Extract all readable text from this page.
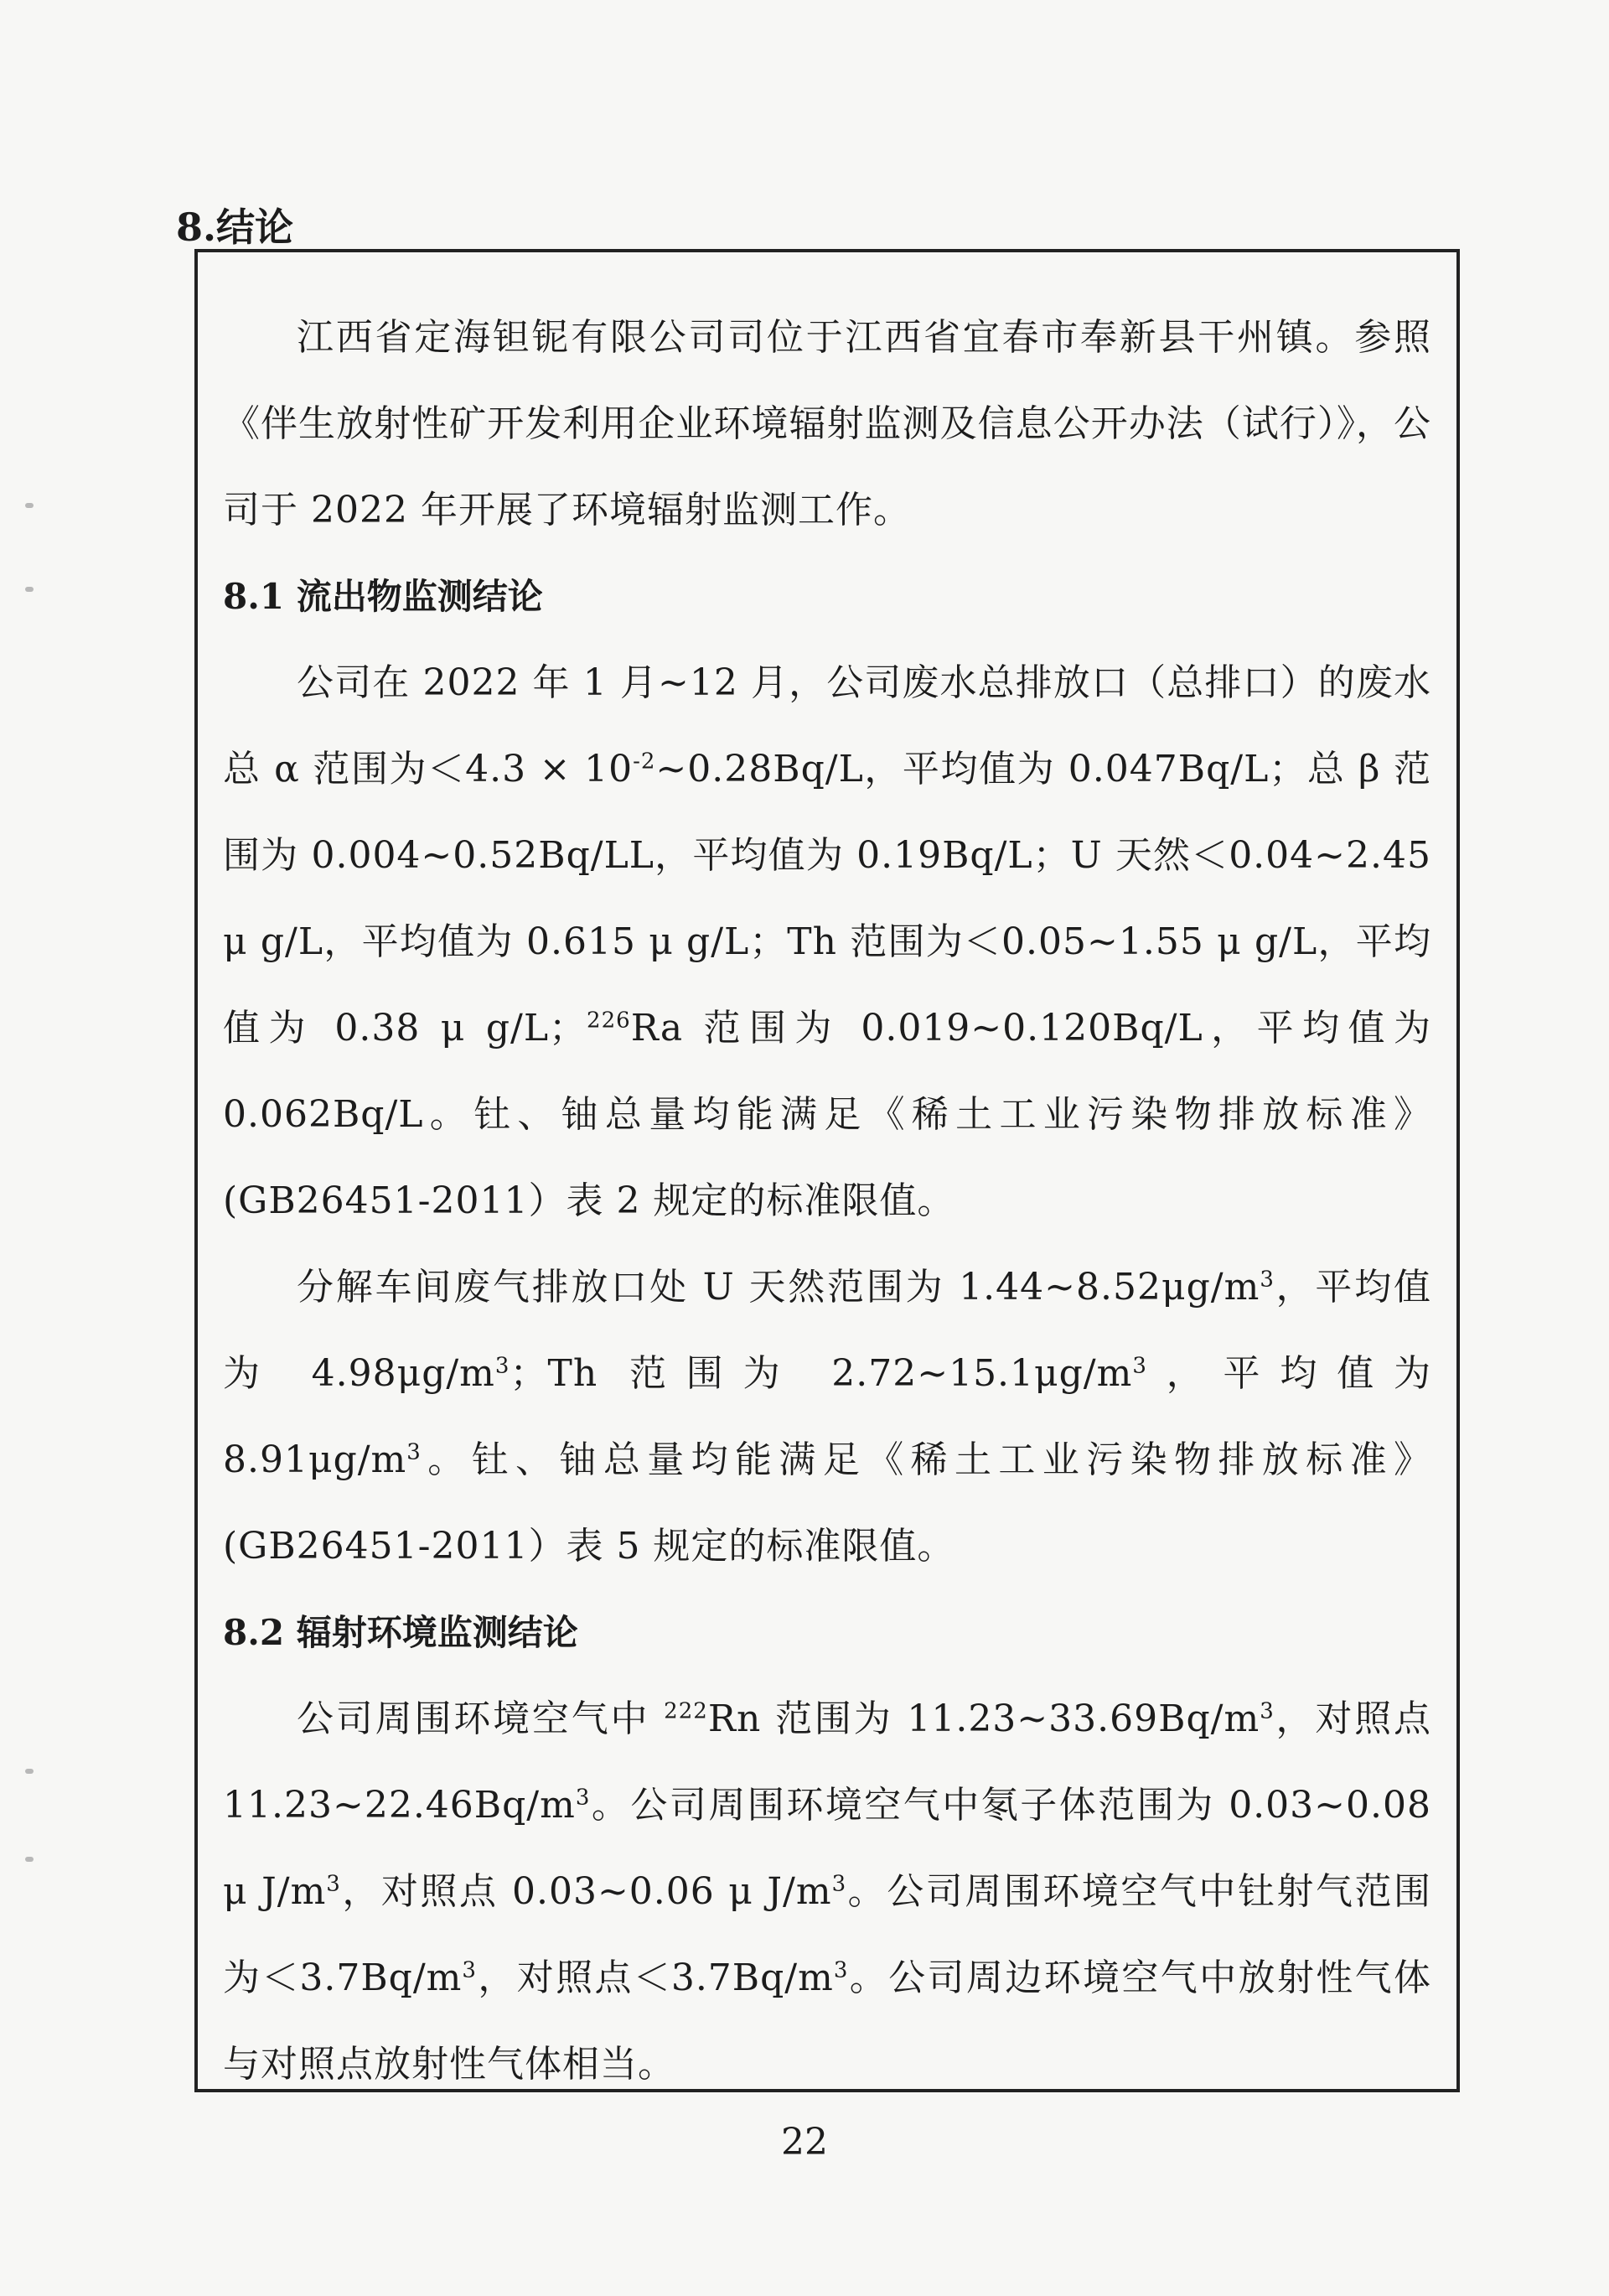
8.结论

江西省定海钽铌有限公司司位于江西省宜春市奉新县干州镇。参照《伴生放射性矿开发利用企业环境辐射监测及信息公开办法（试行）》，公司于 2022 年开展了环境辐射监测工作。

8.1 流出物监测结论

公司在 2022 年 1 月~12 月，公司废水总排放口（总排口）的废水总 α 范围为$<4.3 \times 10^{-2}\sim 0.28Bq/L$，平均值为 0.047Bq/L；总 β 范围为 0.004~0.52Bq/LL，平均值为 0.19Bq/L；U 天然＜0.04~2.45 μ g/L，平均值为 0.615 μ g/L；Th 范围为＜0.05~1.55 μ g/L，平均值为 0.38 μ g/L；$^{226}$Ra 范围为 0.019~0.120Bq/L，平均值为 0.062Bq/L。钍、铀总量均能满足《稀土工业污染物排放标准》(GB26451-2011）表 2 规定的标准限值。

分解车间废气排放口处 U 天然范围为 $1.44\sim 8.52\mu g/m^3$，平均值为 $4.98\mu g/m^3$；Th 范围为 $2.72\sim 15.1\mu g/m^3$，平均值为 $8.91\mu g/m^3$。钍、铀总量均能满足《稀土工业污染物排放标准》(GB26451-2011）表 5 规定的标准限值。

8.2 辐射环境监测结论

公司周围环境空气中 $^{222}$Rn 范围为 $11.23\sim 33.69Bq/m^3$，对照点 $11.23\sim 22.46Bq/m^3$。公司周围环境空气中氡子体范围为 0.03~0.08 μ $J/m^3$，对照点 0.03~0.06 μ $J/m^3$。公司周围环境空气中钍射气范围为$<3.7Bq/m^3$，对照点$<3.7Bq/m^3$。公司周边环境空气中放射性气体与对照点放射性气体相当。

22
